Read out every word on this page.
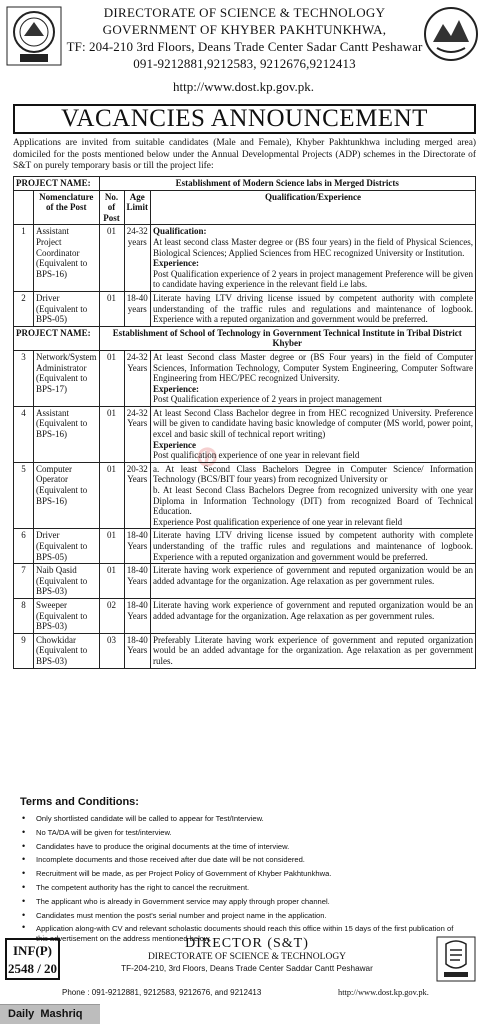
DIRECTORATE OF SCIENCE & TECHNOLOGY
GOVERNMENT OF KHYBER PAKHTUNKHWA,
TF: 204-210 3rd Floors, Deans Trade Center Sadar Cantt Peshawar
091-9212881,9212583, 9212676,9212413
http://www.dost.kp.gov.pk.
VACANCIES ANNOUNCEMENT
Applications are invited from suitable candidates (Male and Female), Khyber Pakhtunkhwa including merged area) domiciled for the posts mentioned below under the Annual Developmental Projects (ADP) schemes in the Directorate of S&T on purely temporary basis or till the project life:
⊘
PROJECT NAME:		Establishment of Modern Science labs in Merged Districts		
	Nomenclature of the Post	No. of Post	Age Limit	Qualification/Experience
1	Assistant Project Coordinator (Equivalent to BPS-16)	01	24-32 years	Qualification:
At least second class Master degree or (BS four years) in the field of Physical Sciences, Biological Sciences; Applied Sciences from HEC recognized University or Institution.
Experience:
Post Qualification experience of 2 years in project management Preference will be given to candidate having experience in the relevant field i.e labs.
2	Driver (Equivalent to BPS-05)	01	18-40 years	Literate having LTV driving license issued by competent authority with complete understanding of the traffic rules and regulations and maintenance of logbook. Experience with a reputed organization and government would be preferred.
PROJECT NAME:		Establishment of School of Technology in Government Technical Institute in Tribal District Khyber		
3	Network/System Administrator (Equivalent to BPS-17)	01	24-32 Years	At least Second class Master degree or (BS Four years) in the field of Computer Sciences, Information Technology, Computer System Engineering, Computer Software Engineering from HEC/PEC recognized University.
Experience:
Post Qualification experience of 2 years in project management
4	Assistant (Equivalent to BPS-16)	01	24-32 Years	At least Second Class Bachelor degree in from HEC recognized University. Preference will be given to candidate having basic knowledge of computer (MS world, power point, excel and basic skill of technical report writing)
Experience
Post qualification experience of one year in relevant field
5	Computer Operator (Equivalent to BPS-16)	01	20-32 Years	a. At least Second Class Bachelors Degree in Computer Science/ Information Technology (BCS/BIT four years) from recognized University or
b. At least Second Class Bachelors Degree from recognized university with one year Diploma in Information Technology (DIT) from recognized Board of Technical Education.
Experience Post qualification experience of one year in relevant field
6	Driver (Equivalent to BPS-05)	01	18-40 Years	Literate having LTV driving license issued by competent authority with complete understanding of the traffic rules and regulations and maintenance of logbook. Experience with a reputed organization and government would be preferred.
7	Naib Qasid (Equivalent to BPS-03)	01	18-40 Years	Literate having work experience of government and reputed organization would be an added advantage for the organization. Age relaxation as per government rules.
8	Sweeper (Equivalent to BPS-03)	02	18-40 Years	Literate having work experience of government and reputed organization would be an added advantage for the organization. Age relaxation as per government rules.
9	Chowkidar (Equivalent to BPS-03)	03	18-40 Years	Preferably Literate having work experience of government and reputed organization would be an added advantage for the organization. Age relaxation as per government rules.
Terms and Conditions:
• Only shortlisted candidate will be called to appear for Test/Interview.
• No TA/DA will be given for test/interview.
• Candidates have to produce the original documents at the time of interview.
• Incomplete documents and those received after due date will be not considered.
• Recruitment will be made, as per Project Policy of Government of Khyber Pakhtunkhwa.
• The competent authority has the right to cancel the recruitment.
• The applicant who is already in Government service may apply through proper channel.
• Candidates must mention the post's serial number and project name in the application.
• Application along-with CV and relevant scholastic documents should reach this office within 15 days of the first publication of this advertisement on the address mentioned below.
INF(P)
2548 / 20
DIRECTOR (S&T)
DIRECTORATE OF SCIENCE & TECHNOLOGY
TF-204-210, 3rd Floors, Deans Trade Center Saddar Cantt Peshawar
Phone : 091-9212881, 9212583, 9212676, and 9212413	http://www.dost.kp.gov.pk.
Daily Mashriq
